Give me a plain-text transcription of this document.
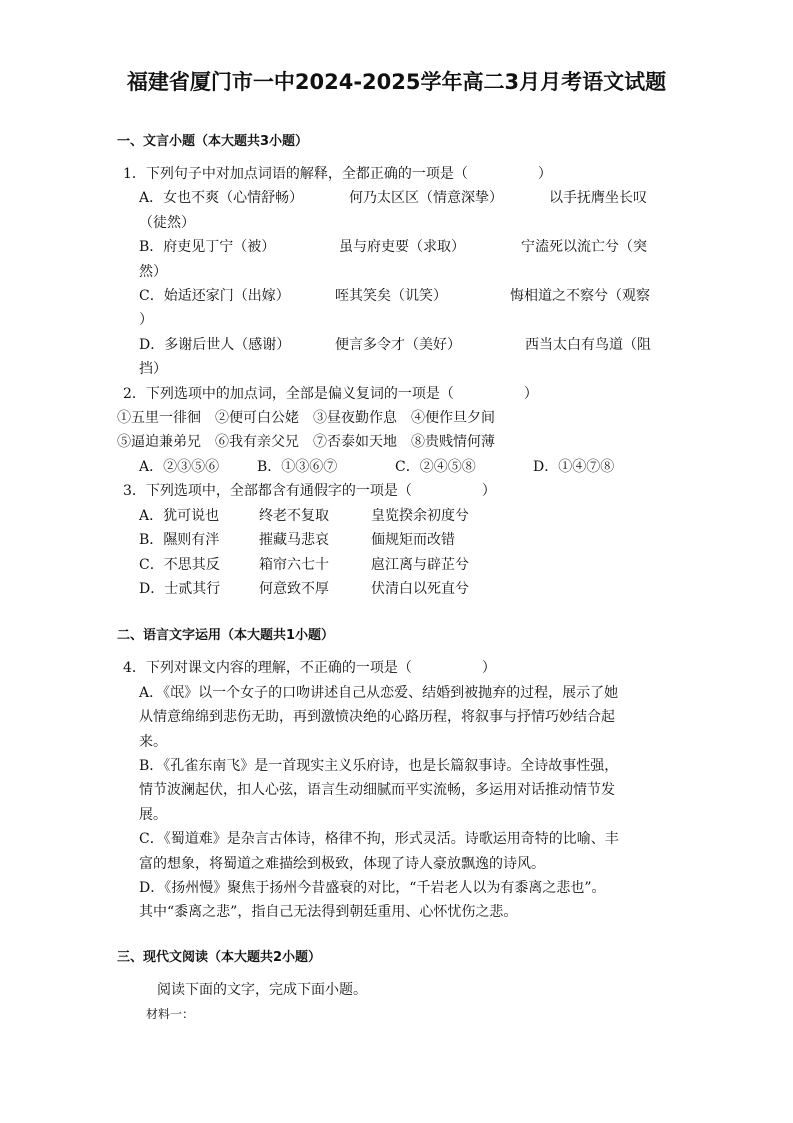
福建省厦门市一中2024-2025学年高二3月月考语文试题
一、文言小题（本大题共3小题）
1．下列句子中对加点词语的解释，全都正确的一项是（	）
A．女也不爽（心情舒畅）	何乃太区区（情意深挚）	以手抚膺坐长叹
（徒然）
B．府吏见丁宁（被）	虽与府吏要（求取）	宁溘死以流亡兮（突
然）
C．始适还家门（出嫁）	咥其笑矣（讥笑）	悔相道之不察兮（观察
）
D．多谢后世人（感谢）	便言多令才（美好）	西当太白有鸟道（阻
挡）
2．下列选项中的加点词，全部是偏义复词的一项是（	）
①五里一徘徊　②便可白公姥　③昼夜勤作息　④便作旦夕间
⑤逼迫兼弟兄　⑥我有亲父兄　⑦否泰如天地　⑧贵贱情何薄
A．②③⑤⑥	B．①③⑥⑦	C．②④⑤⑧	D．①④⑦⑧
3．下列选项中，全部都含有通假字的一项是（	）
A．犹可说也	终老不复取	皇览揆余初度兮
B．隰则有泮	摧藏马悲哀	偭规矩而改错
C．不思其反	箱帘六七十	扈江离与辟芷兮
D．士贰其行	何意致不厚	伏清白以死直兮
二、语言文字运用（本大题共1小题）
4．下列对课文内容的理解，不正确的一项是（	）
A．《氓》以一个女子的口吻讲述自己从恋爱、结婚到被抛弃的过程，展示了她
从情意绵绵到悲伤无助，再到激愤决绝的心路历程，将叙事与抒情巧妙结合起
来。
B．《孔雀东南飞》是一首现实主义乐府诗，也是长篇叙事诗。全诗故事性强，
情节波澜起伏，扣人心弦，语言生动细腻而平实流畅，多运用对话推动情节发
展。
C．《蜀道难》是杂言古体诗，格律不拘，形式灵活。诗歌运用奇特的比喻、丰
富的想象，将蜀道之难描绘到极致，体现了诗人豪放飘逸的诗风。
D．《扬州慢》聚焦于扬州今昔盛衰的对比，“千岩老人以为有黍离之悲也”。
其中“黍离之悲”，指自己无法得到朝廷重用、心怀忧伤之悲。
三、现代文阅读（本大题共2小题）
阅读下面的文字，完成下面小题。
材料一：
